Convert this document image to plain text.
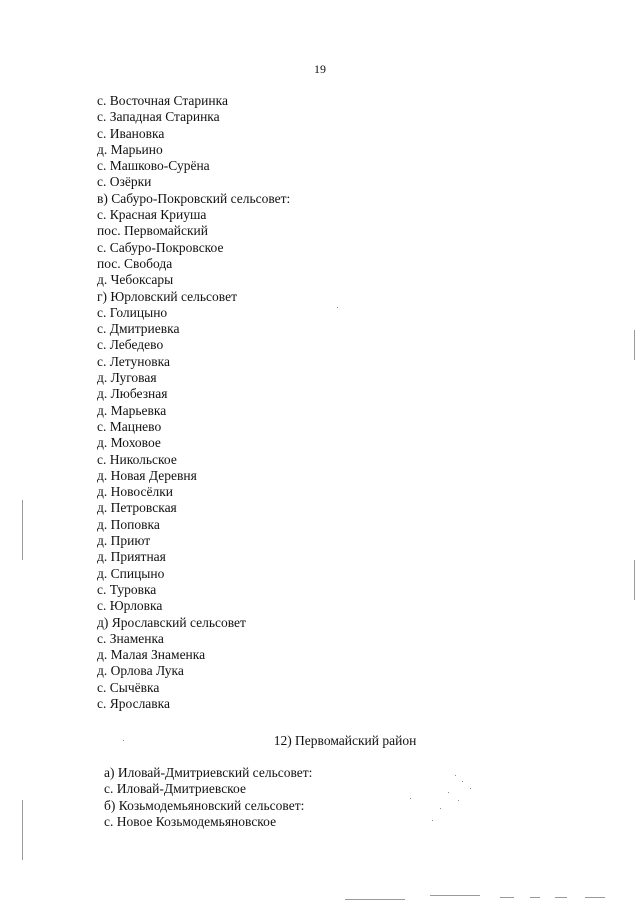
19
с. Восточная Старинка
с. Западная Старинка
с. Ивановка
д. Марьино
с. Машково-Сурёна
с. Озёрки
в) Сабуро-Покровский сельсовет:
с. Красная Криуша
пос. Первомайский
с. Сабуро-Покровское
пос. Свобода
д. Чебоксары
г) Юрловский сельсовет
с. Голицыно
с. Дмитриевка
с. Лебедево
с. Летуновка
д. Луговая
д. Любезная
д. Марьевка
с. Мацнево
д. Моховое
с. Никольское
д. Новая Деревня
д. Новосёлки
д. Петровская
д. Поповка
д. Приют
д. Приятная
д. Спицыно
с. Туровка
с. Юрловка
д) Ярославский сельсовет
с. Знаменка
д. Малая Знаменка
д. Орлова Лука
с. Сычёвка
с. Ярославка
12) Первомайский район
а) Иловай-Дмитриевский сельсовет:
с. Иловай-Дмитриевское
б) Козьмодемьяновский сельсовет:
с. Новое Козьмодемьяновское
